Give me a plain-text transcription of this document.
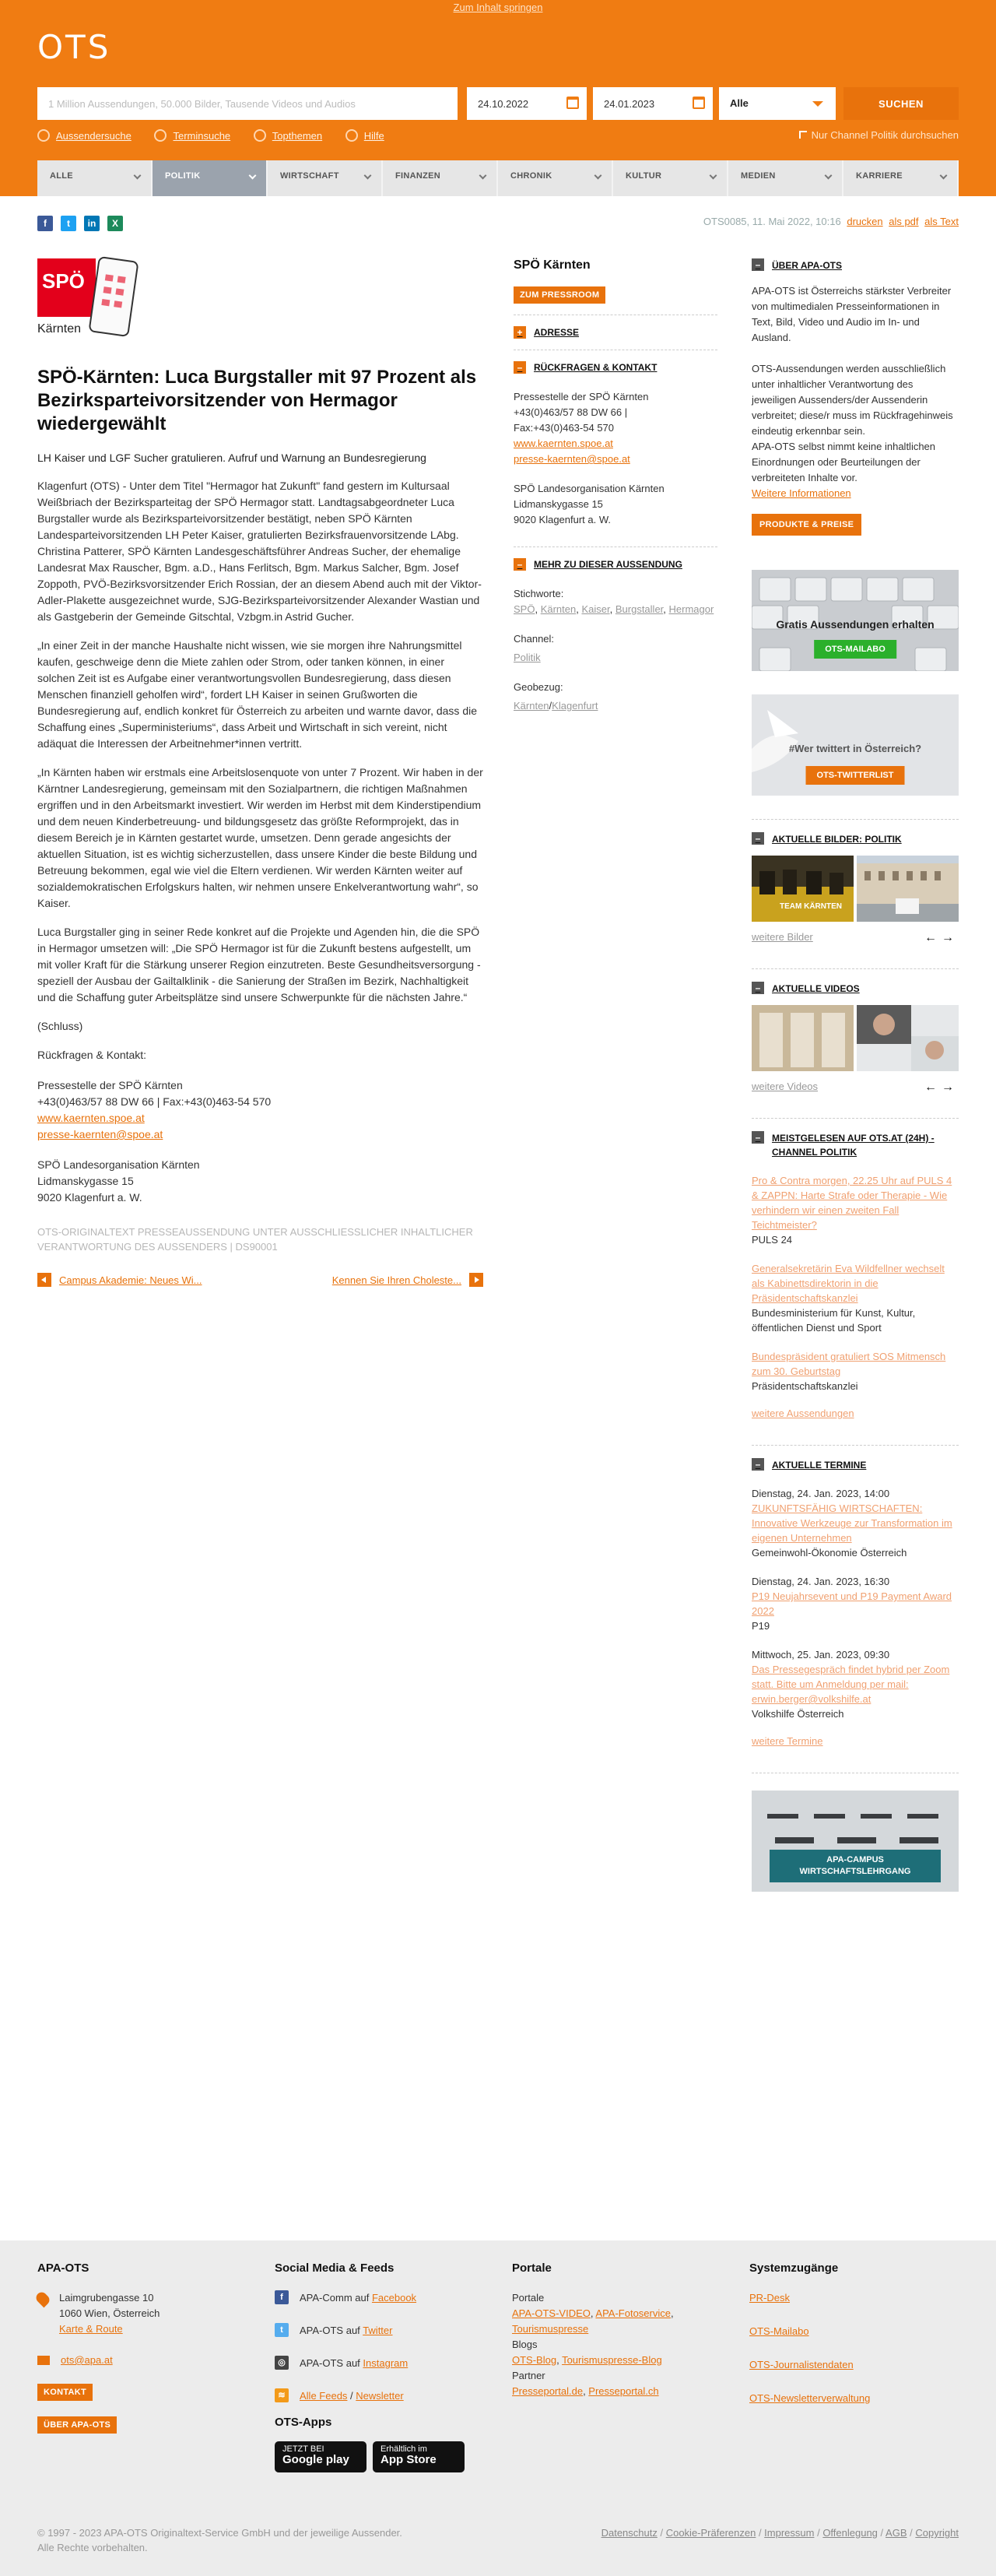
Zum Inhalt springen
OTS
1 Million Aussendungen, 50.000 Bilder, Tausende Videos und Audios
24.10.2022
24.01.2023
Alle	SUCHEN
Aussendersuche
	Terminsuche
	Topthemen
	Hilfe	Nur Channel Politik durchsuchen
ALLE	POLITIK	WIRTSCHAFT	FINANZEN	CHRONIK	KULTUR	MEDIEN	KARRIERE
f	t	in	X	OTS0085, 11. Mai 2022, 10:16 drucken als pdf als Text
SPÖ
Kärnten
SPÖ-Kärnten: Luca Burgstaller mit 97 Prozent als Bezirksparteivorsitzender von Hermagor wiedergewählt

LH Kaiser und LGF Sucher gratulieren. Aufruf und Warnung an Bundesregierung

Klagenfurt (OTS) - Unter dem Titel "Hermagor hat Zukunft" fand gestern im Kultursaal Weißbriach der Bezirksparteitag der SPÖ Hermagor statt. Landtagsabgeordneter Luca Burgstaller wurde als Bezirksparteivorsitzender bestätigt, neben SPÖ Kärnten Landesparteivorsitzenden LH Peter Kaiser, gratulierten Bezirksfrauenvorsitzende LAbg. Christina Patterer, SPÖ Kärnten Landesgeschäftsführer Andreas Sucher, der ehemalige Landesrat Max Rauscher, Bgm. a.D., Hans Ferlitsch, Bgm. Markus Salcher, Bgm. Josef Zoppoth, PVÖ-Bezirksvorsitzender Erich Rossian, der an diesem Abend auch mit der Viktor-Adler-Plakette ausgezeichnet wurde, SJG-Bezirksparteivorsitzender Alexander Wastian und als Gastgeberin der Gemeinde Gitschtal, Vzbgm.in Astrid Gucher.

„In einer Zeit in der manche Haushalte nicht wissen, wie sie morgen ihre Nahrungsmittel kaufen, geschweige denn die Miete zahlen oder Strom, oder tanken können, in einer solchen Zeit ist es Aufgabe einer verantwortungsvollen Bundesregierung, dass diesen Menschen finanziell geholfen wird“, fordert LH Kaiser in seinen Grußworten die Bundesregierung auf, endlich konkret für Österreich zu arbeiten und warnte davor, dass die Schaffung eines „Superministeriums“, dass Arbeit und Wirtschaft in sich vereint, nicht adäquat die Interessen der Arbeitnehmer*innen vertritt.

„In Kärnten haben wir erstmals eine Arbeitslosenquote von unter 7 Prozent. Wir haben in der Kärntner Landesregierung, gemeinsam mit den Sozialpartnern, die richtigen Maßnahmen ergriffen und in den Arbeitsmarkt investiert. Wir werden im Herbst mit dem Kinderstipendium und dem neuen Kinderbetreuung- und bildungsgesetz das größte Reformprojekt, das in diesem Bereich je in Kärnten gestartet wurde, umsetzen. Denn gerade angesichts der aktuellen Situation, ist es wichtig sicherzustellen, dass unsere Kinder die beste Bildung und Betreuung bekommen, egal wie viel die Eltern verdienen. Wir werden Kärnten weiter auf sozialdemokratischen Erfolgskurs halten, wir nehmen unsere Enkelverantwortung wahr“, so Kaiser.

Luca Burgstaller ging in seiner Rede konkret auf die Projekte und Agenden hin, die die SPÖ in Hermagor umsetzen will: „Die SPÖ Hermagor ist für die Zukunft bestens aufgestellt, um mit voller Kraft für die Stärkung unserer Region einzutreten. Beste Gesundheitsversorgung - speziell der Ausbau der Gailtalklinik - die Sanierung der Straßen im Bezirk, Nachhaltigkeit und die Schaffung guter Arbeitsplätze sind unsere Schwerpunkte für die nächsten Jahre.“

(Schluss)

Rückfragen & Kontakt:

Pressestelle der SPÖ Kärnten
+43(0)463/57 88 DW 66 | Fax:+43(0)463-54 570
www.kaernten.spoe.at
presse-kaernten@spoe.at

SPÖ Landesorganisation Kärnten
Lidmanskygasse 15
9020 Klagenfurt a. W.

OTS-ORIGINALTEXT PRESSEAUSSENDUNG UNTER AUSSCHLIESSLICHER INHALTLICHER VERANTWORTUNG DES AUSSENDERS | DS90001

Campus Akademie: Neues Wi...	Kennen Sie Ihren Choleste...
SPÖ Kärnten
ZUM PRESSROOM
+	ADRESSE
–	RÜCKFRAGEN & KONTAKT

Pressestelle der SPÖ Kärnten
+43(0)463/57 88 DW 66 |
Fax:+43(0)463-54 570
www.kaernten.spoe.at
presse-kaernten@spoe.at

SPÖ Landesorganisation Kärnten
Lidmanskygasse 15
9020 Klagenfurt a. W.

–	MEHR ZU DIESER AUSSENDUNG

Stichworte:

SPÖ, Kärnten, Kaiser, Burgstaller, Hermagor

Channel:

Politik

Geobezug:

Kärnten/Klagenfurt

–	ÜBER APA-OTS

APA-OTS ist Österreichs stärkster Verbreiter von multimedialen Presseinformationen in Text, Bild, Video und Audio im In- und Ausland.

OTS-Aussendungen werden ausschließlich unter inhaltlicher Verantwortung des jeweiligen Aussenders/der Aussenderin verbreitet; diese/r muss im Rückfragehinweis eindeutig erkennbar sein.

APA-OTS selbst nimmt keine inhaltlichen Einordnungen oder Beurteilungen der verbreiteten Inhalte vor.

Weitere Informationen

PRODUKTE & PREISE
Gratis Aussendungen erhalten
OTS-MAILABO
#Wer twittert in Österreich?
OTS-TWITTERLIST
–	AKTUELLE BILDER: POLITIK
TEAM KÄRNTEN
weitere Bilder	←→
–	AKTUELLE VIDEOS
weitere Videos	←→
–	MEISTGELESEN AUF OTS.AT (24H) - CHANNEL POLITIK
Pro & Contra morgen, 22.25 Uhr auf PULS 4 & ZAPPN: Harte Strafe oder Therapie - Wie verhindern wir einen zweiten Fall Teichtmeister?
PULS 24
Generalsekretärin Eva Wildfellner wechselt als Kabinettsdirektorin in die Präsidentschaftskanzlei
Bundesministerium für Kunst, Kultur, öffentlichen Dienst und Sport
Bundespräsident gratuliert SOS Mitmensch zum 30. Geburtstag
Präsidentschaftskanzlei

weitere Aussendungen

–	AKTUELLE TERMINE
Dienstag, 24. Jan. 2023, 14:00
ZUKUNFTSFÄHIG WIRTSCHAFTEN: Innovative Werkzeuge zur Transformation im eigenen Unternehmen
Gemeinwohl-Ökonomie Österreich
Dienstag, 24. Jan. 2023, 16:30
P19 Neujahrsevent und P19 Payment Award 2022
P19
Mittwoch, 25. Jan. 2023, 09:30
Das Pressegespräch findet hybrid per Zoom statt. Bitte um Anmeldung per mail: erwin.berger@volkshilfe.at
Volkshilfe Österreich

weitere Termine

APA-CAMPUS WIRTSCHAFTSLEHRGANG
APA-OTS
Laimgrubengasse 10
1060 Wien, Österreich
Karte & Route
ots@apa.at
KONTAKT
ÜBER APA-OTS
Social Media & Feeds
f	APA-Comm auf Facebook
t	APA-OTS auf Twitter
◎	APA-OTS auf Instagram
≋	Alle Feeds / Newsletter
OTS-Apps
JETZT BEI
Google play
Erhältlich im
App Store
Portale
Portale
APA-OTS-VIDEO, APA-Fotoservice,
Tourismuspresse
Blogs
OTS-Blog, Tourismuspresse-Blog
Partner
Presseportal.de, Presseportal.ch
Systemzugänge
PR-Desk
OTS-Mailabo
OTS-Journalistendaten
OTS-Newsletterverwaltung
© 1997 - 2023 APA-OTS Originaltext-Service GmbH und der jeweilige Aussender.
Alle Rechte vorbehalten.
Datenschutz / Cookie-Präferenzen / Impressum / Offenlegung / AGB / Copyright
